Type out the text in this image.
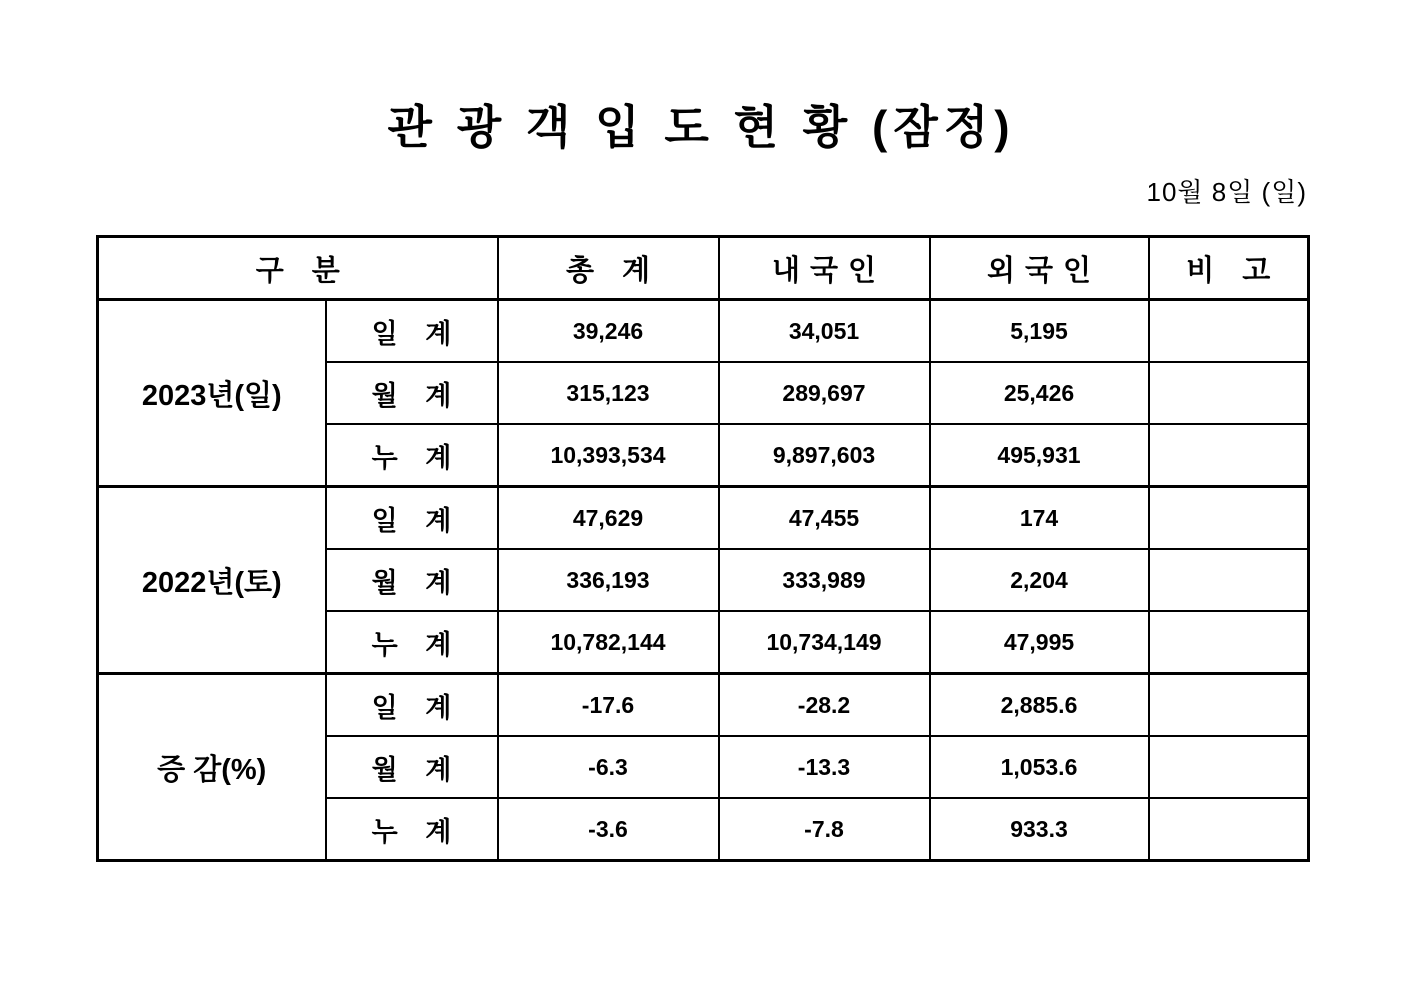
관 광 객 입 도 현 황 (잠정)
10월 8일 (일)
구 분		총 계	내국인	외국인	비 고
2023년(일)	일 계	39,246	34,051	5,195	
	월 계	315,123	289,697	25,426	
	누 계	10,393,534	9,897,603	495,931	
2022년(토)	일 계	47,629	47,455	174	
	월 계	336,193	333,989	2,204	
	누 계	10,782,144	10,734,149	47,995	
증 감(%)	일 계	-17.6	-28.2	2,885.6	
	월 계	-6.3	-13.3	1,053.6	
	누 계	-3.6	-7.8	933.3	
